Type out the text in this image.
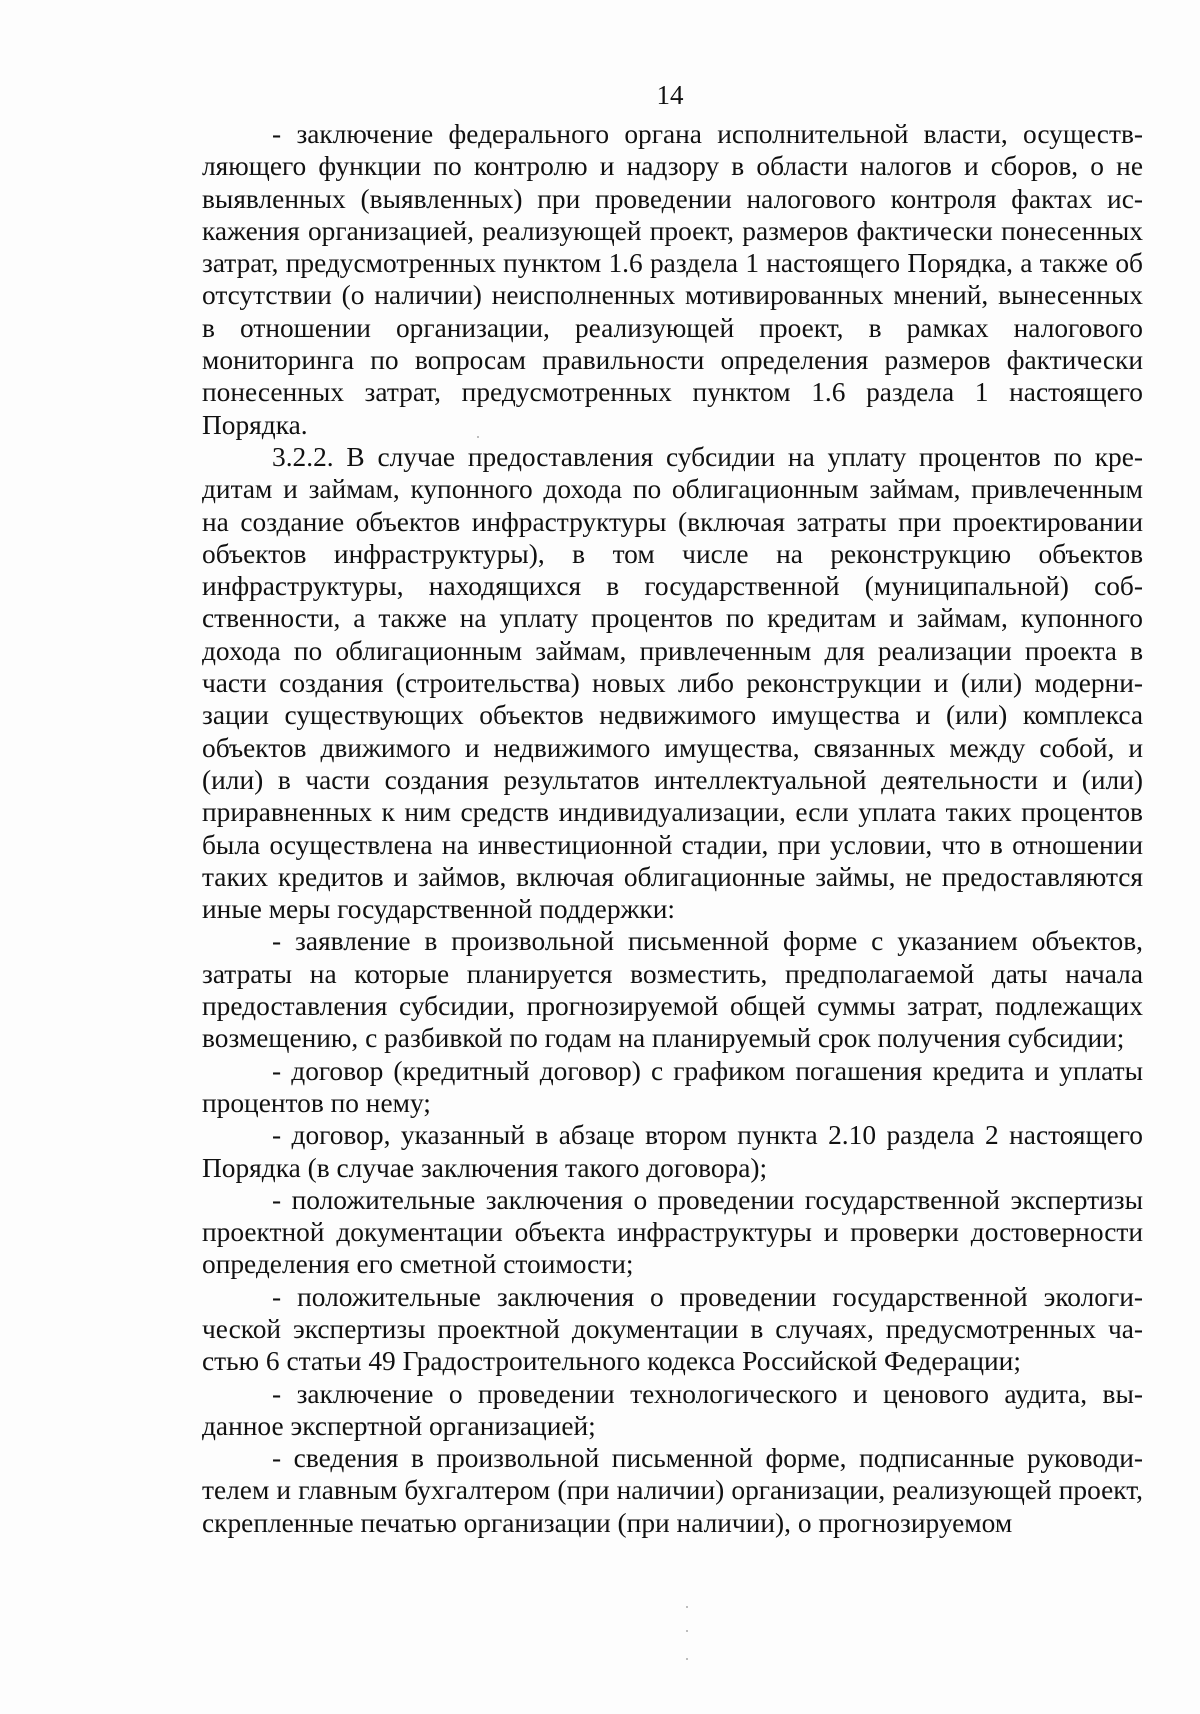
14

- заключение федерального органа исполнительной власти, осуществляющего функции по контролю и надзору в области налогов и сборов, о не выявленных (выявленных) при проведении налогового контроля фактах искажения организацией, реализующей проект, размеров фактически понесенных затрат, предусмотренных пунктом 1.6 раздела 1 настоящего Порядка, а также об отсутствии (о наличии) неисполненных мотивированных мнений, вынесенных в отношении организации, реализующей проект, в рамках налогового мониторинга по вопросам правильности определения размеров фактически понесенных затрат, предусмотренных пунктом 1.6 раздела 1 настоящего Порядка.

3.2.2. В случае предоставления субсидии на уплату процентов по кредитам и займам, купонного дохода по облигационным займам, привлеченным на создание объектов инфраструктуры (включая затраты при проектировании объектов инфраструктуры), в том числе на реконструкцию объектов инфраструктуры, находящихся в государственной (муниципальной) собственности, а также на уплату процентов по кредитам и займам, купонного дохода по облигационным займам, привлеченным для реализации проекта в части создания (строительства) новых либо реконструкции и (или) модернизации существующих объектов недвижимого имущества и (или) комплекса объектов движимого и недвижимого имущества, связанных между собой, и (или) в части создания результатов интеллектуальной деятельности и (или) приравненных к ним средств индивидуализации, если уплата таких процентов была осуществлена на инвестиционной стадии, при условии, что в отношении таких кредитов и займов, включая облигационные займы, не предоставляются иные меры государственной поддержки:

- заявление в произвольной письменной форме с указанием объектов, затраты на которые планируется возместить, предполагаемой даты начала предоставления субсидии, прогнозируемой общей суммы затрат, подлежащих возмещению, с разбивкой по годам на планируемый срок получения субсидии;

- договор (кредитный договор) с графиком погашения кредита и уплаты процентов по нему;

- договор, указанный в абзаце втором пункта 2.10 раздела 2 настоящего Порядка (в случае заключения такого договора);

- положительные заключения о проведении государственной экспертизы проектной документации объекта инфраструктуры и проверки достоверности определения его сметной стоимости;

- положительные заключения о проведении государственной экологической экспертизы проектной документации в случаях, предусмотренных частью 6 статьи 49 Градостроительного кодекса Российской Федерации;

- заключение о проведении технологического и ценового аудита, выданное экспертной организацией;

- сведения в произвольной письменной форме, подписанные руководителем и главным бухгалтером (при наличии) организации, реализующей проект, скрепленные печатью организации (при наличии), о прогнозируемом
